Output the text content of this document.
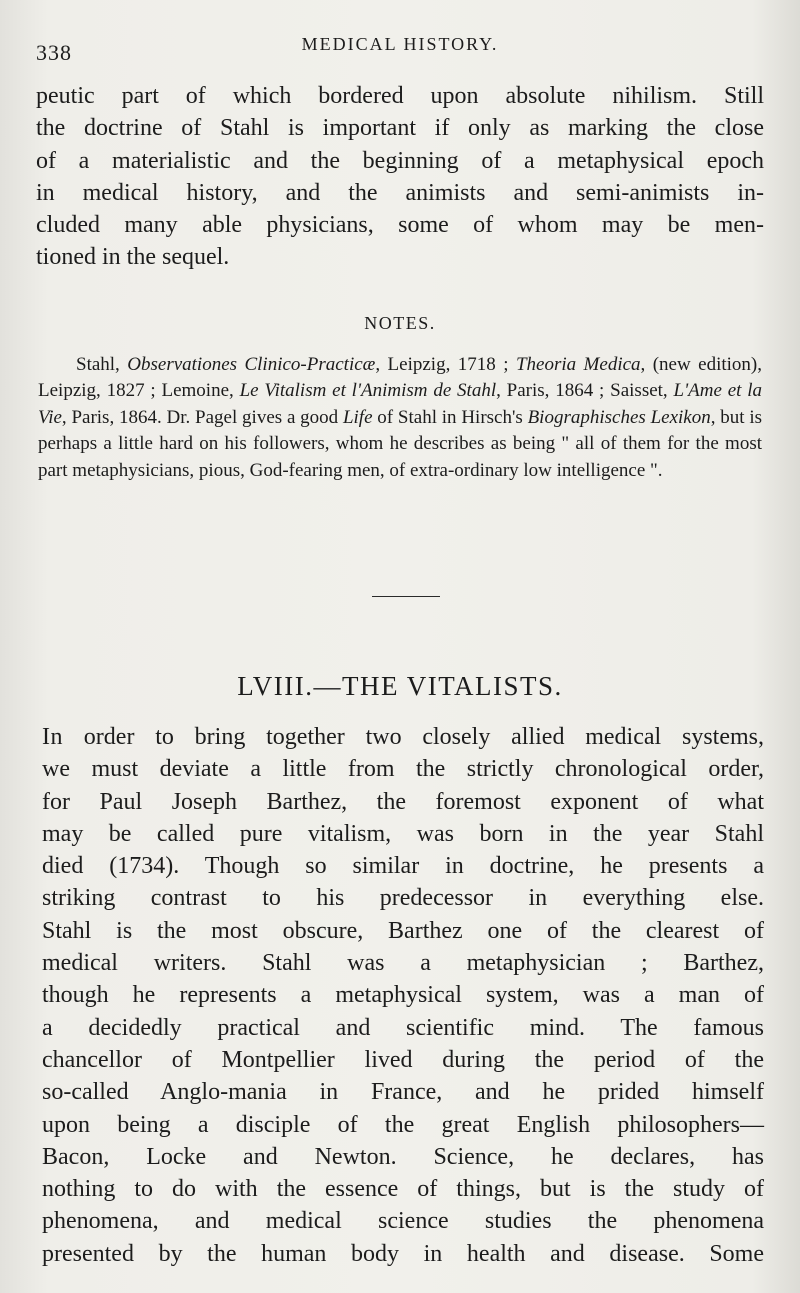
338	MEDICAL HISTORY.
peutic part of which bordered upon absolute nihilism. Still
the doctrine of Stahl is important if only as marking the close
of a materialistic and the beginning of a metaphysical epoch
in medical history, and the animists and semi-animists in-
cluded many able physicians, some of whom may be men-
tioned in the sequel.
NOTES.
Stahl, Observationes Clinico-Practicæ, Leipzig, 1718 ; Theoria Medica, (new edition), Leipzig, 1827 ; Lemoine, Le Vitalism et l'Animism de Stahl, Paris, 1864 ; Saisset, L'Ame et la Vie, Paris, 1864. Dr. Pagel gives a good Life of Stahl in Hirsch's Biographisches Lexikon, but is perhaps a little hard on his followers, whom he describes as being " all of them for the most part metaphysicians, pious, God-fearing men, of extra-ordinary low intelligence ".
LVIII.—THE VITALISTS.
In order to bring together two closely allied medical systems,
we must deviate a little from the strictly chronological order,
for Paul Joseph Barthez, the foremost exponent of what
may be called pure vitalism, was born in the year Stahl
died (1734). Though so similar in doctrine, he presents a
striking contrast to his predecessor in everything else.
Stahl is the most obscure, Barthez one of the clearest of
medical writers. Stahl was a metaphysician ; Barthez,
though he represents a metaphysical system, was a man of
a decidedly practical and scientific mind. The famous
chancellor of Montpellier lived during the period of the
so-called Anglo-mania in France, and he prided himself
upon being a disciple of the great English philosophers—
Bacon, Locke and Newton. Science, he declares, has
nothing to do with the essence of things, but is the study of
phenomena, and medical science studies the phenomena
presented by the human body in health and disease. Some
